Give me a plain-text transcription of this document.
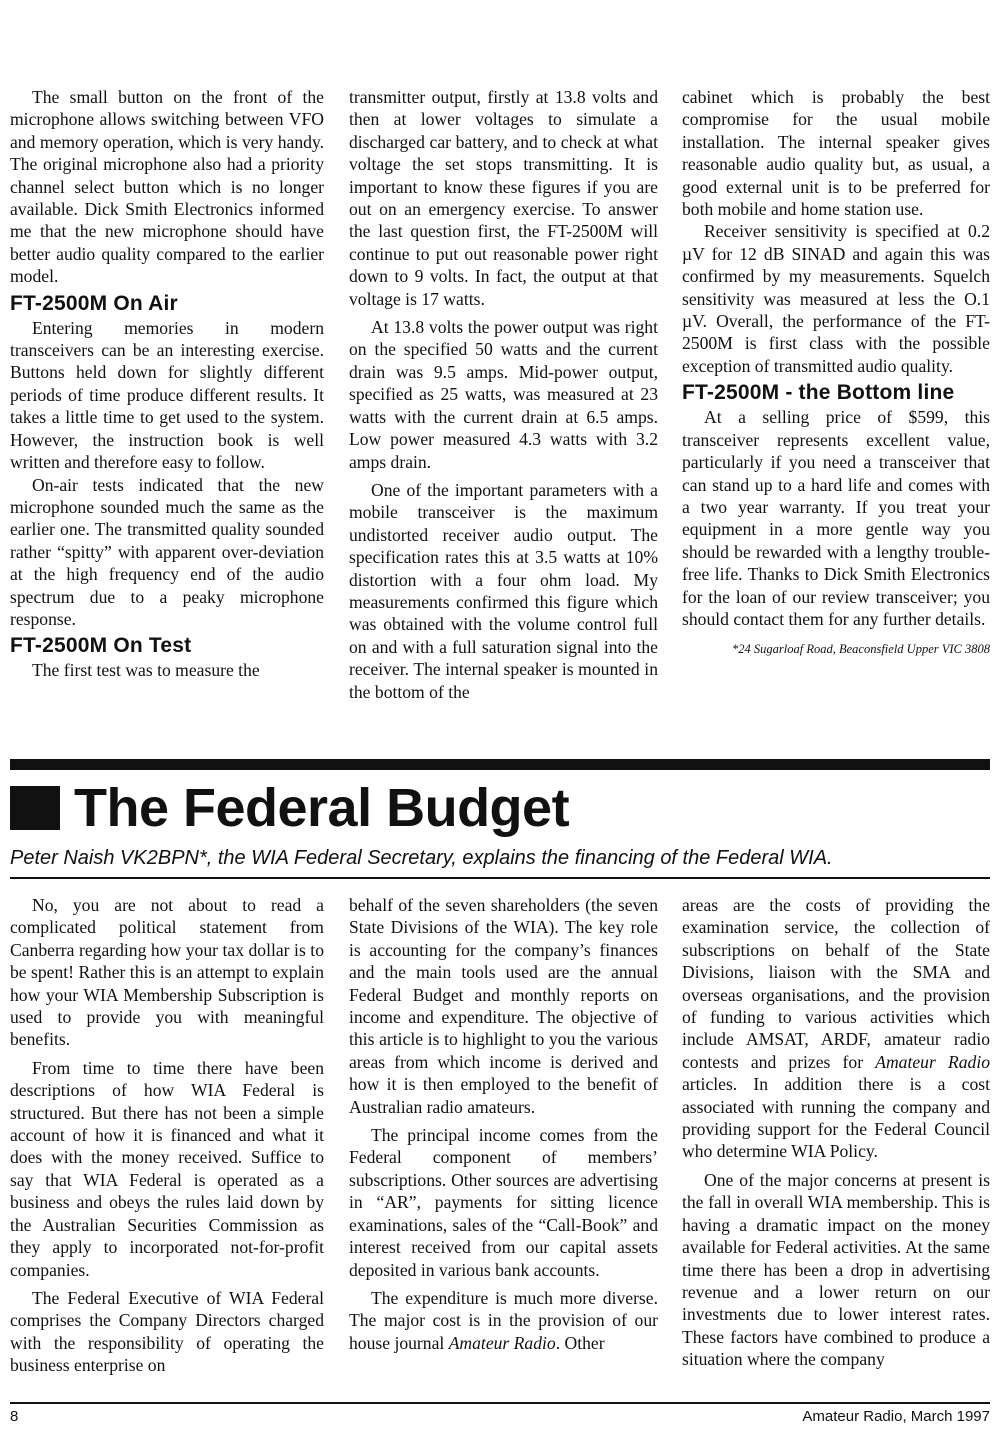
The small button on the front of the microphone allows switching between VFO and memory operation, which is very handy. The original microphone also had a priority channel select button which is no longer available. Dick Smith Electronics informed me that the new microphone should have better audio quality compared to the earlier model.

FT-2500M On Air

Entering memories in modern transceivers can be an interesting exercise. Buttons held down for slightly different periods of time produce different results. It takes a little time to get used to the system. However, the instruction book is well written and therefore easy to follow.

On-air tests indicated that the new microphone sounded much the same as the earlier one. The transmitted quality sounded rather “spitty” with apparent over-deviation at the high frequency end of the audio spectrum due to a peaky microphone response.

FT-2500M On Test

The first test was to measure the

transmitter output, firstly at 13.8 volts and then at lower voltages to simulate a discharged car battery, and to check at what voltage the set stops transmitting. It is important to know these figures if you are out on an emergency exercise. To answer the last question first, the FT-2500M will continue to put out reasonable power right down to 9 volts. In fact, the output at that voltage is 17 watts.

At 13.8 volts the power output was right on the specified 50 watts and the current drain was 9.5 amps. Mid-power output, specified as 25 watts, was measured at 23 watts with the current drain at 6.5 amps. Low power measured 4.3 watts with 3.2 amps drain.

One of the important parameters with a mobile transceiver is the maximum undistorted receiver audio output. The specification rates this at 3.5 watts at 10% distortion with a four ohm load. My measurements confirmed this figure which was obtained with the volume control full on and with a full saturation signal into the receiver. The internal speaker is mounted in the bottom of the

cabinet which is probably the best compromise for the usual mobile installation. The internal speaker gives reasonable audio quality but, as usual, a good external unit is to be preferred for both mobile and home station use.

Receiver sensitivity is specified at 0.2 µV for 12 dB SINAD and again this was confirmed by my measurements. Squelch sensitivity was measured at less the O.1 µV. Overall, the performance of the FT-2500M is first class with the possible exception of transmitted audio quality.

FT-2500M - the Bottom line

At a selling price of $599, this transceiver represents excellent value, particularly if you need a transceiver that can stand up to a hard life and comes with a two year warranty. If you treat your equipment in a more gentle way you should be rewarded with a lengthy trouble-free life. Thanks to Dick Smith Electronics for the loan of our review transceiver; you should contact them for any further details.

*24 Sugarloaf Road, Beaconsfield Upper VIC 3808

The Federal Budget
Peter Naish VK2BPN*, the WIA Federal Secretary, explains the financing of the Federal WIA.

No, you are not about to read a complicated political statement from Canberra regarding how your tax dollar is to be spent! Rather this is an attempt to explain how your WIA Membership Subscription is used to provide you with meaningful benefits.

From time to time there have been descriptions of how WIA Federal is structured. But there has not been a simple account of how it is financed and what it does with the money received. Suffice to say that WIA Federal is operated as a business and obeys the rules laid down by the Australian Securities Commission as they apply to incorporated not-for-profit companies.

The Federal Executive of WIA Federal comprises the Company Directors charged with the responsibility of operating the business enterprise on

behalf of the seven shareholders (the seven State Divisions of the WIA). The key role is accounting for the company’s finances and the main tools used are the annual Federal Budget and monthly reports on income and expenditure. The objective of this article is to highlight to you the various areas from which income is derived and how it is then employed to the benefit of Australian radio amateurs.

The principal income comes from the Federal component of members’ subscriptions. Other sources are advertising in “AR”, payments for sitting licence examinations, sales of the “Call-Book” and interest received from our capital assets deposited in various bank accounts.

The expenditure is much more diverse. The major cost is in the provision of our house journal Amateur Radio. Other

areas are the costs of providing the examination service, the collection of subscriptions on behalf of the State Divisions, liaison with the SMA and overseas organisations, and the provision of funding to various activities which include AMSAT, ARDF, amateur radio contests and prizes for Amateur Radio articles. In addition there is a cost associated with running the company and providing support for the Federal Council who determine WIA Policy.

One of the major concerns at present is the fall in overall WIA membership. This is having a dramatic impact on the money available for Federal activities. At the same time there has been a drop in advertising revenue and a lower return on our investments due to lower interest rates. These factors have combined to produce a situation where the company

8	Amateur Radio, March 1997
